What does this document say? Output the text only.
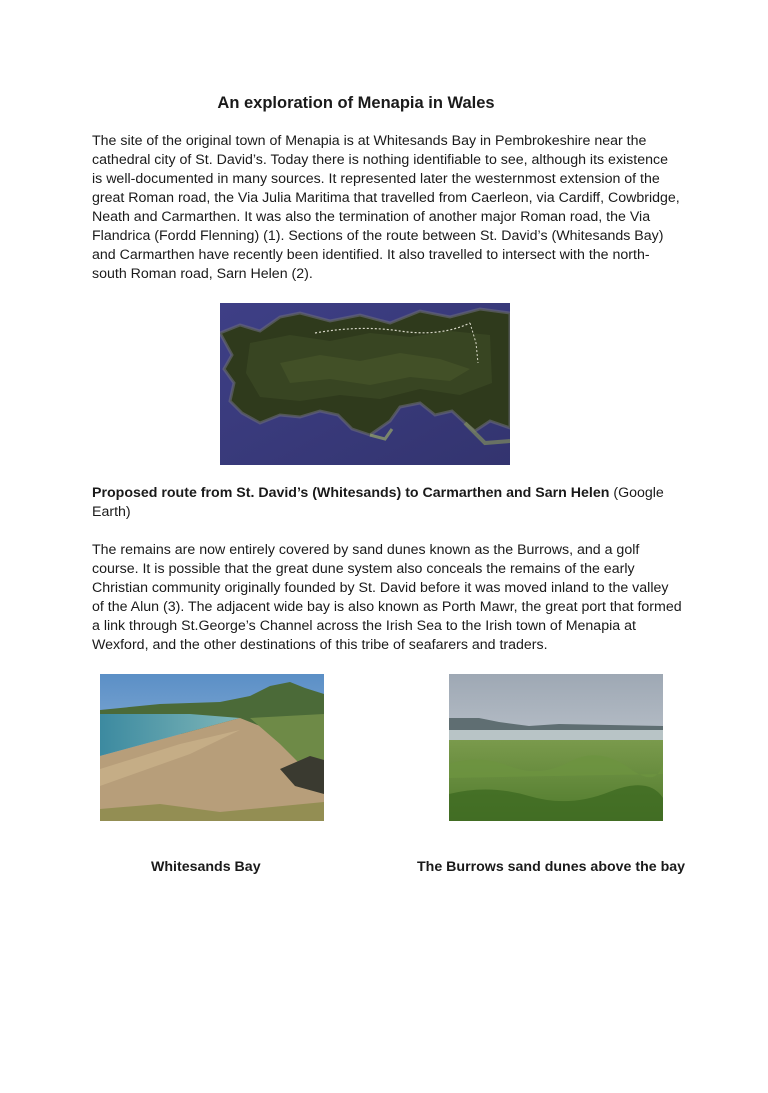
An exploration of Menapia in Wales

The site of the original town of Menapia is at Whitesands Bay in Pembrokeshire near the cathedral city of St. David’s. Today there is nothing identifiable to see, although its existence is well-documented in many sources. It represented later the westernmost extension of the great Roman road, the Via Julia Maritima that travelled from Caerleon, via Cardiff, Cowbridge, Neath and Carmarthen. It was also the termination of another major Roman road, the Via Flandrica (Fordd Flenning) (1). Sections of the route between St. David’s (Whitesands Bay) and Carmarthen have recently been identified. It also travelled to intersect with the north-south Roman road, Sarn Helen (2).

Proposed route from St. David’s (Whitesands) to Carmarthen and Sarn Helen (Google Earth)

The remains are now entirely covered by sand dunes known as the Burrows, and a golf course. It is possible that the great dune system also conceals the remains of the early Christian community originally founded by St. David before it was moved inland to the valley of the Alun (3). The adjacent wide bay is also known as Porth Mawr, the great port that formed a link through St.George’s Channel across the Irish Sea to the Irish town of Menapia at Wexford, and the other destinations of this tribe of seafarers and traders.

Whitesands Bay	The Burrows sand dunes above the bay
